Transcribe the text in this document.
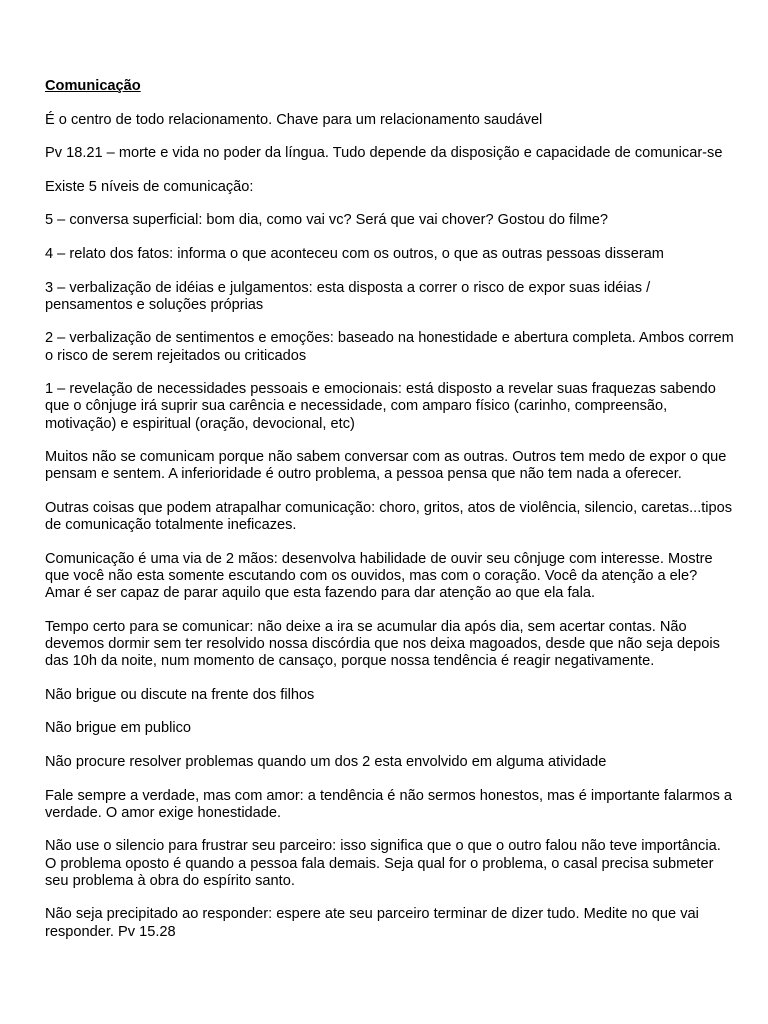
Comunicação

É o centro de todo relacionamento. Chave para um relacionamento saudável

Pv 18.21 – morte e vida no poder da língua. Tudo depende da disposição e capacidade de comunicar-se

Existe 5 níveis de comunicação:

5 – conversa superficial: bom dia, como vai vc? Será que vai chover? Gostou do filme?

4 – relato dos fatos: informa o que aconteceu com os outros, o que as outras pessoas disseram

3 – verbalização de idéias e julgamentos: esta disposta a correr o risco de expor suas idéias / pensamentos e soluções próprias

2 – verbalização de sentimentos e emoções: baseado na honestidade e abertura completa. Ambos correm o risco de serem rejeitados ou criticados

1 – revelação de necessidades pessoais e emocionais: está disposto a revelar suas fraquezas sabendo que o cônjuge irá suprir sua carência e necessidade, com amparo físico (carinho, compreensão, motivação) e espiritual (oração, devocional, etc)

Muitos não se comunicam porque não sabem conversar com as outras. Outros tem medo de expor o que pensam e sentem. A inferioridade é outro problema, a pessoa pensa que não tem nada a oferecer.

Outras coisas que podem atrapalhar comunicação: choro, gritos, atos de violência, silencio, caretas...tipos de comunicação totalmente ineficazes.

Comunicação é uma via de 2 mãos: desenvolva habilidade de ouvir seu cônjuge com interesse. Mostre que você não esta somente escutando com os ouvidos, mas com o coração. Você da atenção a ele? Amar é ser capaz de parar aquilo que esta fazendo para dar atenção ao que ela fala.

Tempo certo para se comunicar: não deixe a ira se acumular dia após dia, sem acertar contas. Não devemos dormir sem ter resolvido nossa discórdia que nos deixa magoados, desde que não seja depois das 10h da noite, num momento de cansaço, porque nossa tendência é reagir negativamente.

Não brigue ou discute na frente dos filhos

Não brigue em publico

Não procure resolver problemas quando um dos 2 esta envolvido em alguma atividade

Fale sempre a verdade, mas com amor: a tendência é não sermos honestos, mas é importante falarmos a verdade. O amor exige honestidade.

Não use o silencio para frustrar seu parceiro: isso significa que o que o outro falou não teve importância. O problema oposto é quando a pessoa fala demais. Seja qual for o problema, o casal precisa submeter seu problema à obra do espírito santo.

Não seja precipitado ao responder: espere ate seu parceiro terminar de dizer tudo. Medite no que vai responder. Pv 15.28
